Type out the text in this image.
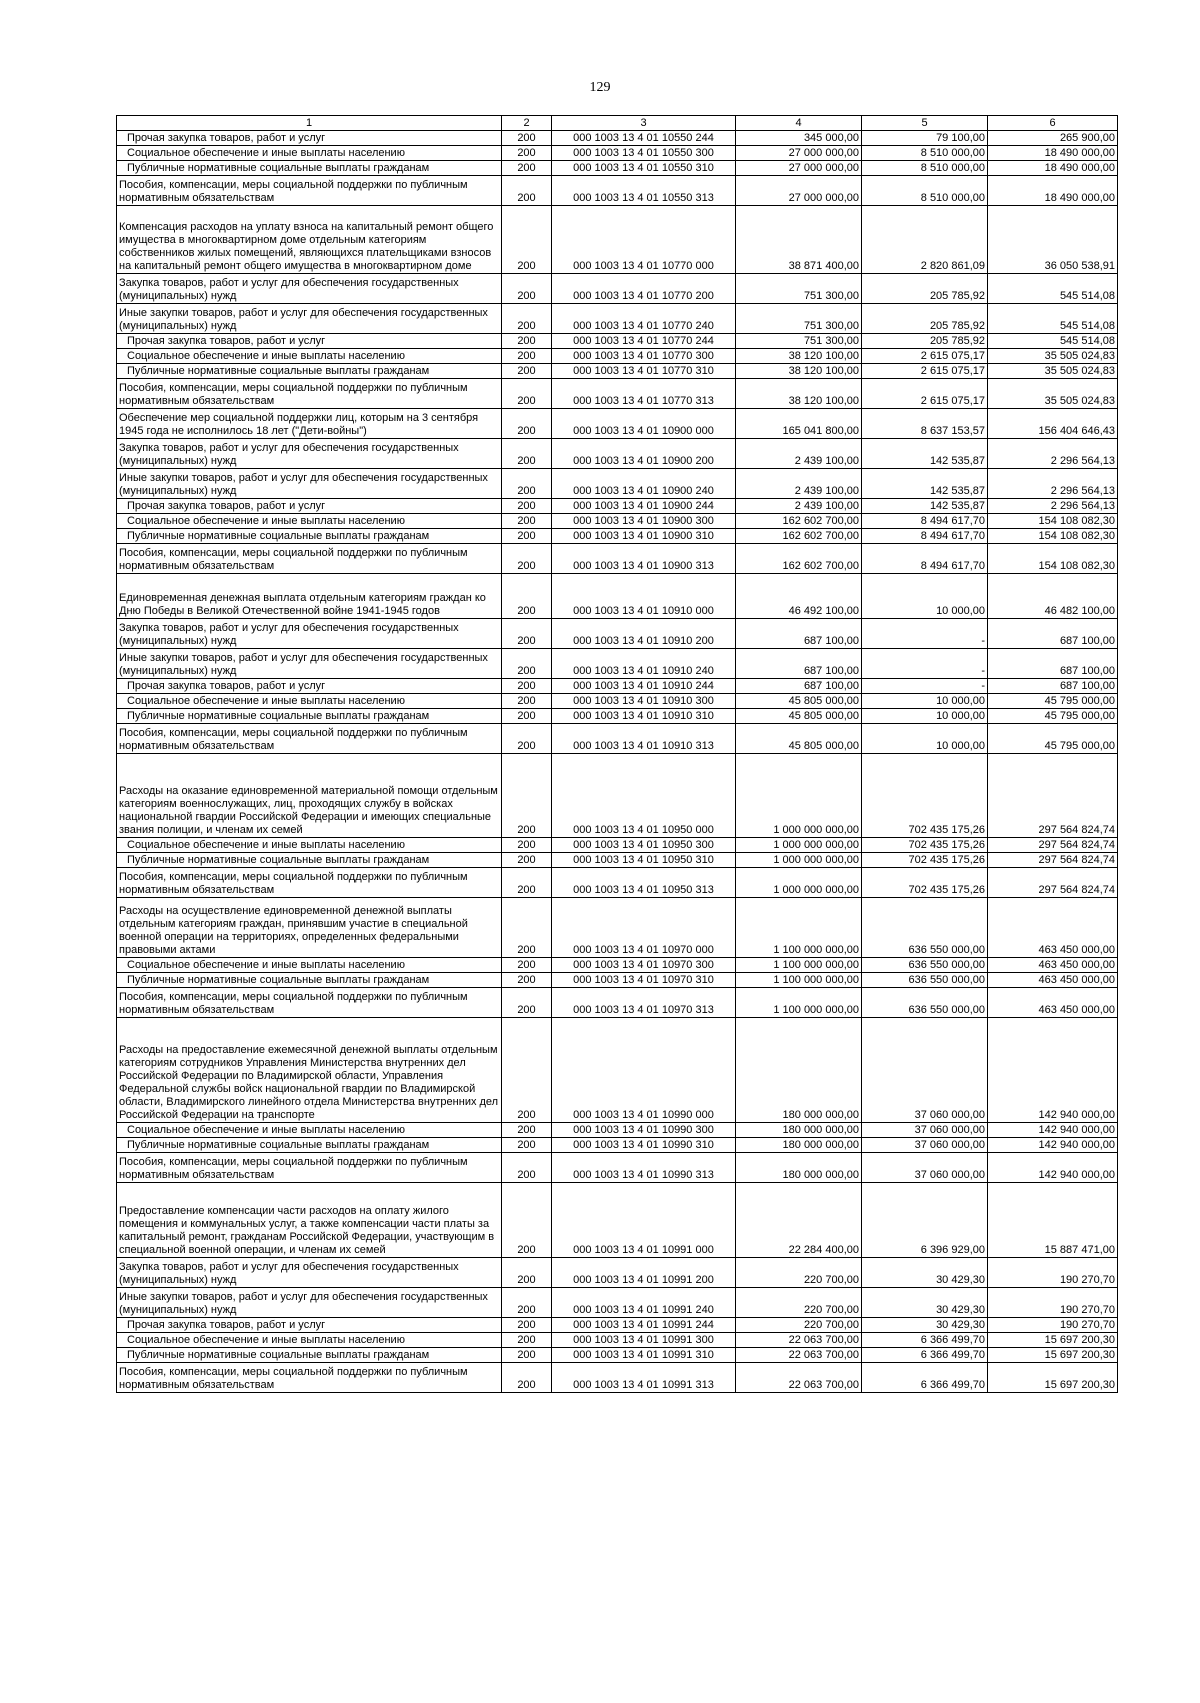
129
1	2	3	4	5	6
Прочая закупка товаров, работ и услуг	200	000 1003 13 4 01 10550 244	345 000,00	79 100,00	265 900,00
Социальное обеспечение и иные выплаты населению	200	000 1003 13 4 01 10550 300	27 000 000,00	8 510 000,00	18 490 000,00
Публичные нормативные социальные выплаты гражданам	200	000 1003 13 4 01 10550 310	27 000 000,00	8 510 000,00	18 490 000,00
Пособия, компенсации, меры социальной поддержки по публичным нормативным обязательствам	200	000 1003 13 4 01 10550 313	27 000 000,00	8 510 000,00	18 490 000,00
Компенсация расходов на уплату взноса на капитальный ремонт общего имущества в многоквартирном доме отдельным категориям собственников жилых помещений, являющихся плательщиками взносов на капитальный ремонт общего имущества в многоквартирном доме	200	000 1003 13 4 01 10770 000	38 871 400,00	2 820 861,09	36 050 538,91
Закупка товаров, работ и услуг для обеспечения государственных (муниципальных) нужд	200	000 1003 13 4 01 10770 200	751 300,00	205 785,92	545 514,08
Иные закупки товаров, работ и услуг для обеспечения государственных (муниципальных) нужд	200	000 1003 13 4 01 10770 240	751 300,00	205 785,92	545 514,08
Прочая закупка товаров, работ и услуг	200	000 1003 13 4 01 10770 244	751 300,00	205 785,92	545 514,08
Социальное обеспечение и иные выплаты населению	200	000 1003 13 4 01 10770 300	38 120 100,00	2 615 075,17	35 505 024,83
Публичные нормативные социальные выплаты гражданам	200	000 1003 13 4 01 10770 310	38 120 100,00	2 615 075,17	35 505 024,83
Пособия, компенсации, меры социальной поддержки по публичным нормативным обязательствам	200	000 1003 13 4 01 10770 313	38 120 100,00	2 615 075,17	35 505 024,83
Обеспечение мер социальной поддержки лиц, которым на 3 сентября 1945 года не исполнилось 18 лет ("Дети-войны")	200	000 1003 13 4 01 10900 000	165 041 800,00	8 637 153,57	156 404 646,43
Закупка товаров, работ и услуг для обеспечения государственных (муниципальных) нужд	200	000 1003 13 4 01 10900 200	2 439 100,00	142 535,87	2 296 564,13
Иные закупки товаров, работ и услуг для обеспечения государственных (муниципальных) нужд	200	000 1003 13 4 01 10900 240	2 439 100,00	142 535,87	2 296 564,13
Прочая закупка товаров, работ и услуг	200	000 1003 13 4 01 10900 244	2 439 100,00	142 535,87	2 296 564,13
Социальное обеспечение и иные выплаты населению	200	000 1003 13 4 01 10900 300	162 602 700,00	8 494 617,70	154 108 082,30
Публичные нормативные социальные выплаты гражданам	200	000 1003 13 4 01 10900 310	162 602 700,00	8 494 617,70	154 108 082,30
Пособия, компенсации, меры социальной поддержки по публичным нормативным обязательствам	200	000 1003 13 4 01 10900 313	162 602 700,00	8 494 617,70	154 108 082,30
Единовременная денежная выплата отдельным категориям граждан ко Дню Победы в Великой Отечественной войне 1941-1945 годов	200	000 1003 13 4 01 10910 000	46 492 100,00	10 000,00	46 482 100,00
Закупка товаров, работ и услуг для обеспечения государственных (муниципальных) нужд	200	000 1003 13 4 01 10910 200	687 100,00	-	687 100,00
Иные закупки товаров, работ и услуг для обеспечения государственных (муниципальных) нужд	200	000 1003 13 4 01 10910 240	687 100,00	-	687 100,00
Прочая закупка товаров, работ и услуг	200	000 1003 13 4 01 10910 244	687 100,00	-	687 100,00
Социальное обеспечение и иные выплаты населению	200	000 1003 13 4 01 10910 300	45 805 000,00	10 000,00	45 795 000,00
Публичные нормативные социальные выплаты гражданам	200	000 1003 13 4 01 10910 310	45 805 000,00	10 000,00	45 795 000,00
Пособия, компенсации, меры социальной поддержки по публичным нормативным обязательствам	200	000 1003 13 4 01 10910 313	45 805 000,00	10 000,00	45 795 000,00
Расходы на оказание единовременной материальной помощи отдельным категориям военнослужащих, лиц, проходящих службу в войсках национальной гвардии Российской Федерации и имеющих специальные звания полиции, и членам их семей	200	000 1003 13 4 01 10950 000	1 000 000 000,00	702 435 175,26	297 564 824,74
Социальное обеспечение и иные выплаты населению	200	000 1003 13 4 01 10950 300	1 000 000 000,00	702 435 175,26	297 564 824,74
Публичные нормативные социальные выплаты гражданам	200	000 1003 13 4 01 10950 310	1 000 000 000,00	702 435 175,26	297 564 824,74
Пособия, компенсации, меры социальной поддержки по публичным нормативным обязательствам	200	000 1003 13 4 01 10950 313	1 000 000 000,00	702 435 175,26	297 564 824,74
Расходы на осуществление единовременной денежной выплаты отдельным категориям граждан, принявшим участие в специальной военной операции на территориях, определенных федеральными правовыми актами	200	000 1003 13 4 01 10970 000	1 100 000 000,00	636 550 000,00	463 450 000,00
Социальное обеспечение и иные выплаты населению	200	000 1003 13 4 01 10970 300	1 100 000 000,00	636 550 000,00	463 450 000,00
Публичные нормативные социальные выплаты гражданам	200	000 1003 13 4 01 10970 310	1 100 000 000,00	636 550 000,00	463 450 000,00
Пособия, компенсации, меры социальной поддержки по публичным нормативным обязательствам	200	000 1003 13 4 01 10970 313	1 100 000 000,00	636 550 000,00	463 450 000,00
Расходы на предоставление ежемесячной денежной выплаты отдельным категориям сотрудников Управления Министерства внутренних дел Российской Федерации по Владимирской области, Управления Федеральной службы войск национальной гвардии по Владимирской области, Владимирского линейного отдела Министерства внутренних дел Российской Федерации на транспорте	200	000 1003 13 4 01 10990 000	180 000 000,00	37 060 000,00	142 940 000,00
Социальное обеспечение и иные выплаты населению	200	000 1003 13 4 01 10990 300	180 000 000,00	37 060 000,00	142 940 000,00
Публичные нормативные социальные выплаты гражданам	200	000 1003 13 4 01 10990 310	180 000 000,00	37 060 000,00	142 940 000,00
Пособия, компенсации, меры социальной поддержки по публичным нормативным обязательствам	200	000 1003 13 4 01 10990 313	180 000 000,00	37 060 000,00	142 940 000,00
Предоставление компенсации части расходов на оплату жилого помещения и коммунальных услуг, а также компенсации части платы за капитальный ремонт, гражданам Российской Федерации, участвующим в специальной военной операции, и членам их семей	200	000 1003 13 4 01 10991 000	22 284 400,00	6 396 929,00	15 887 471,00
Закупка товаров, работ и услуг для обеспечения государственных (муниципальных) нужд	200	000 1003 13 4 01 10991 200	220 700,00	30 429,30	190 270,70
Иные закупки товаров, работ и услуг для обеспечения государственных (муниципальных) нужд	200	000 1003 13 4 01 10991 240	220 700,00	30 429,30	190 270,70
Прочая закупка товаров, работ и услуг	200	000 1003 13 4 01 10991 244	220 700,00	30 429,30	190 270,70
Социальное обеспечение и иные выплаты населению	200	000 1003 13 4 01 10991 300	22 063 700,00	6 366 499,70	15 697 200,30
Публичные нормативные социальные выплаты гражданам	200	000 1003 13 4 01 10991 310	22 063 700,00	6 366 499,70	15 697 200,30
Пособия, компенсации, меры социальной поддержки по публичным нормативным обязательствам	200	000 1003 13 4 01 10991 313	22 063 700,00	6 366 499,70	15 697 200,30
